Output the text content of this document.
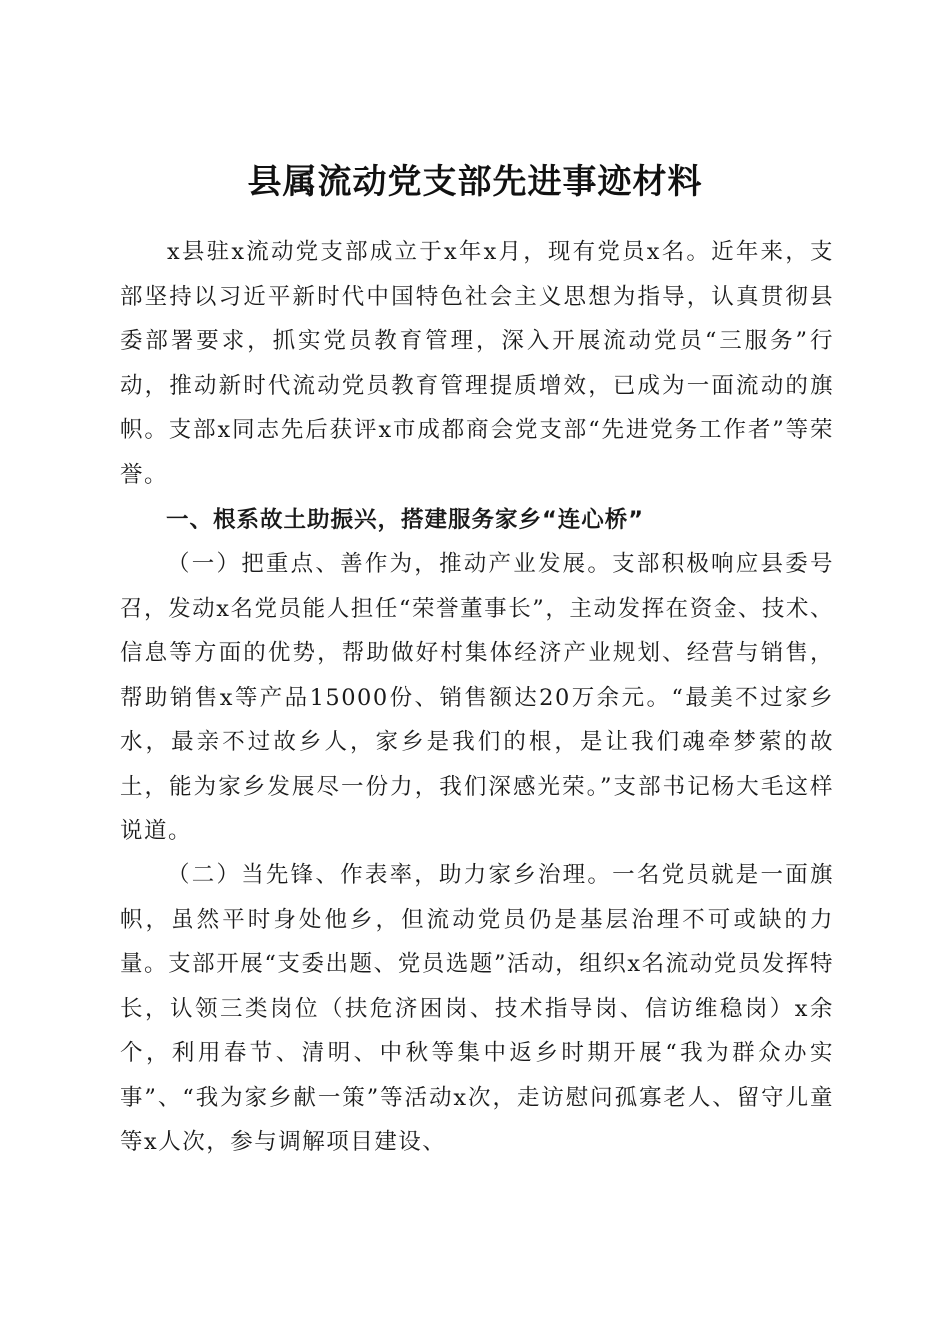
县属流动党支部先进事迹材料

x县驻x流动党支部成立于x年x月，现有党员x名。近年来，支部坚持以习近平新时代中国特色社会主义思想为指导，认真贯彻县委部署要求，抓实党员教育管理，深入开展流动党员“三服务”行动，推动新时代流动党员教育管理提质增效，已成为一面流动的旗帜。支部x同志先后获评x市成都商会党支部“先进党务工作者”等荣誉。

一、根系故土助振兴，搭建服务家乡“连心桥”

（一）把重点、善作为，推动产业发展。支部积极响应县委号召，发动x名党员能人担任“荣誉董事长”，主动发挥在资金、技术、信息等方面的优势，帮助做好村集体经济产业规划、经营与销售，帮助销售x等产品15000份、销售额达20万余元。“最美不过家乡水，最亲不过故乡人，家乡是我们的根，是让我们魂牵梦萦的故土，能为家乡发展尽一份力，我们深感光荣。”支部书记杨大毛这样说道。

（二）当先锋、作表率，助力家乡治理。一名党员就是一面旗帜，虽然平时身处他乡，但流动党员仍是基层治理不可或缺的力量。支部开展“支委出题、党员选题”活动，组织x名流动党员发挥特长，认领三类岗位（扶危济困岗、技术指导岗、信访维稳岗）x余个，利用春节、清明、中秋等集中返乡时期开展“我为群众办实事”、“我为家乡献一策”等活动x次，走访慰问孤寡老人、留守儿童等x人次，参与调解项目建设、
